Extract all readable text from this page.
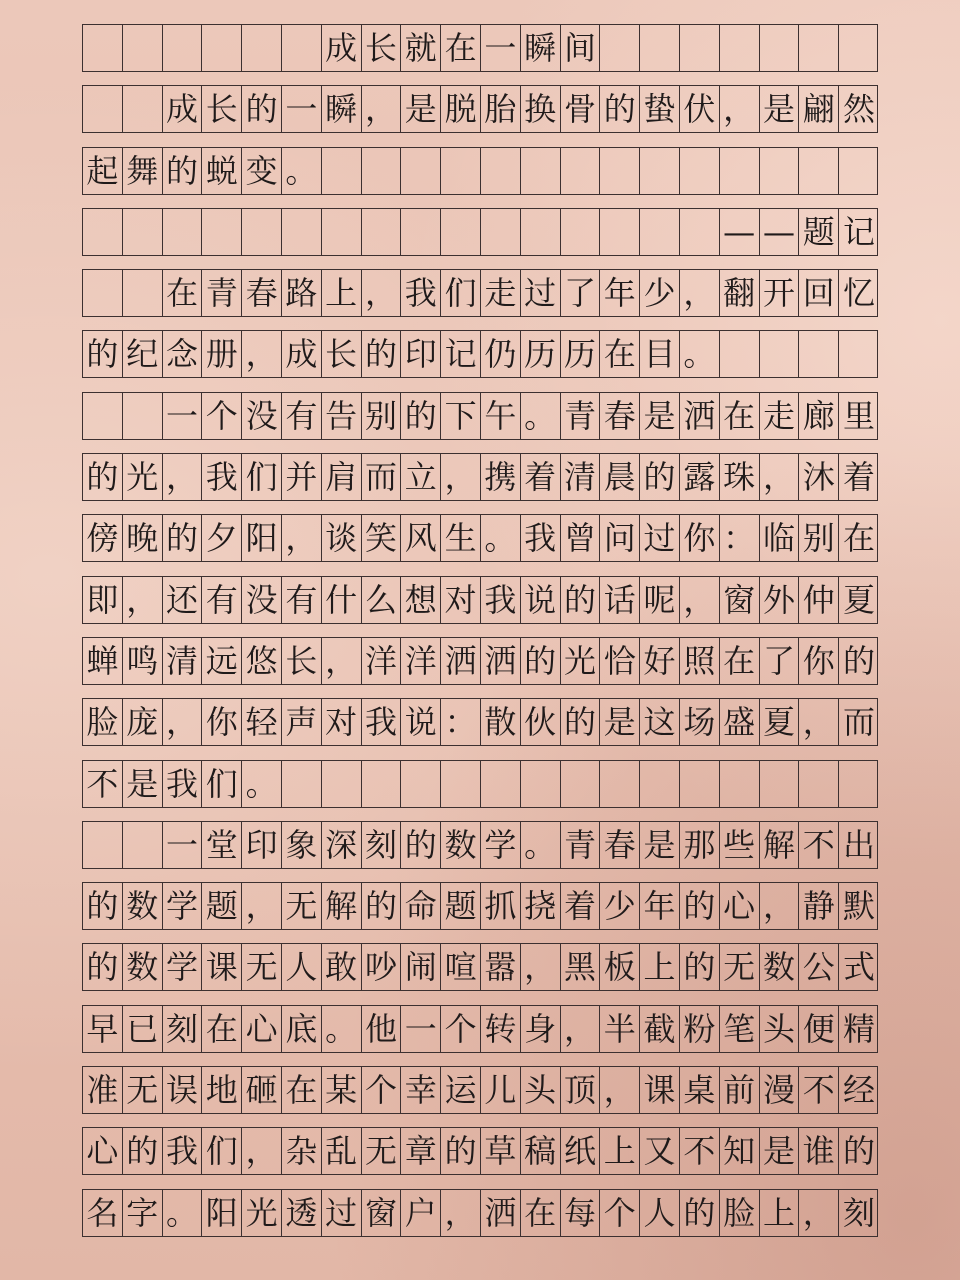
成 长 就 在 一 瞬 间
成 长 的 一 瞬 ， 是 脱 胎 换 骨 的 蛰 伏 ， 是 翩 然
起 舞 的 蜕 变 。
— — 题 记
在 青 春 路 上 ， 我 们 走 过 了 年 少 ， 翻 开 回 忆
的 纪 念 册 ， 成 长 的 印 记 仍 历 历 在 目 。
一 个 没 有 告 别 的 下 午 。 青 春 是 洒 在 走 廊 里
的 光 ， 我 们 并 肩 而 立 ， 携 着 清 晨 的 露 珠 ， 沐 着
傍 晚 的 夕 阳 ， 谈 笑 风 生 。 我 曾 问 过 你 ： 临 别 在
即 ， 还 有 没 有 什 么 想 对 我 说 的 话 呢 ， 窗 外 仲 夏
蝉 鸣 清 远 悠 长 ， 洋 洋 洒 洒 的 光 恰 好 照 在 了 你 的
脸 庞 ， 你 轻 声 对 我 说 ： 散 伙 的 是 这 场 盛 夏 ， 而
不 是 我 们 。
一 堂 印 象 深 刻 的 数 学 。 青 春 是 那 些 解 不 出
的 数 学 题 ， 无 解 的 命 题 抓 挠 着 少 年 的 心 ， 静 默
的 数 学 课 无 人 敢 吵 闹 喧 嚣 ， 黑 板 上 的 无 数 公 式
早 已 刻 在 心 底 。 他 一 个 转 身 ， 半 截 粉 笔 头 便 精
准 无 误 地 砸 在 某 个 幸 运 儿 头 顶 ， 课 桌 前 漫 不 经
心 的 我 们 ， 杂 乱 无 章 的 草 稿 纸 上 又 不 知 是 谁 的
名 字 。 阳 光 透 过 窗 户 ， 洒 在 每 个 人 的 脸 上 ， 刻
